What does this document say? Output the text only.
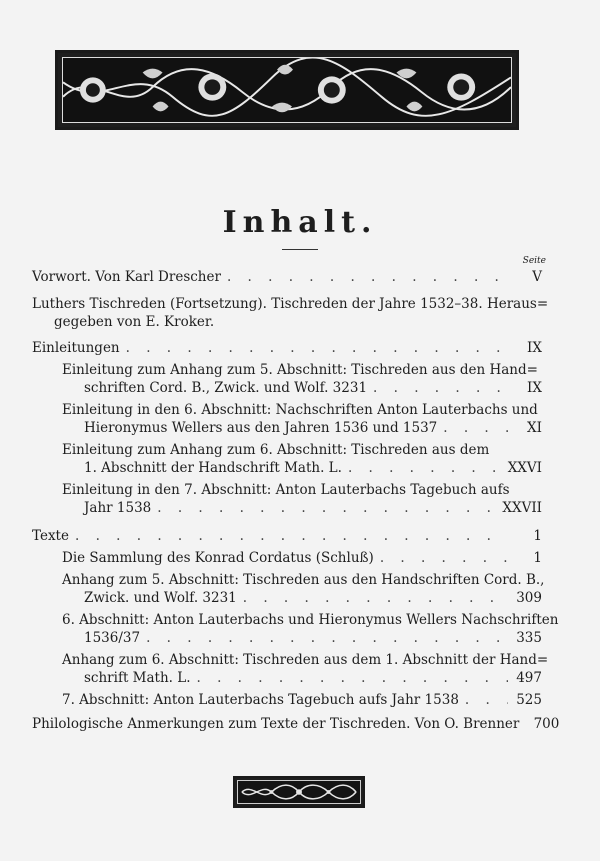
Inhalt.
Seite
Vorwort. Von Karl Drescher . . .	V
Luthers Tischreden (Fortsetzung). Tischreden der Jahre 1532–38. Heraus=
gegeben von E. Kroker.
Einleitungen . . .	IX
Einleitung zum Anhang zum 5. Abschnitt: Tischreden aus den Hand=
schriften Cord. B., Zwick. und Wolf. 3231 . . .	IX
Einleitung in den 6. Abschnitt: Nachschriften Anton Lauterbachs und
Hieronymus Wellers aus den Jahren 1536 und 1537 . . .	XI
Einleitung zum Anhang zum 6. Abschnitt: Tischreden aus dem
1. Abschnitt der Handschrift Math. L. . . .	XXVI
Einleitung in den 7. Abschnitt: Anton Lauterbachs Tagebuch aufs
Jahr 1538 . . .	XXVII
Texte . . .	1
Die Sammlung des Konrad Cordatus (Schluß) . . .	1
Anhang zum 5. Abschnitt: Tischreden aus den Handschriften Cord. B.,
Zwick. und Wolf. 3231 . . .	309
6. Abschnitt: Anton Lauterbachs und Hieronymus Wellers Nachschriften
1536/37 . . .	335
Anhang zum 6. Abschnitt: Tischreden aus dem 1. Abschnitt der Hand=
schrift Math. L. . . .	497
7. Abschnitt: Anton Lauterbachs Tagebuch aufs Jahr 1538 . . .	525
Philologische Anmerkungen zum Texte der Tischreden. Von O. Brenner 700
